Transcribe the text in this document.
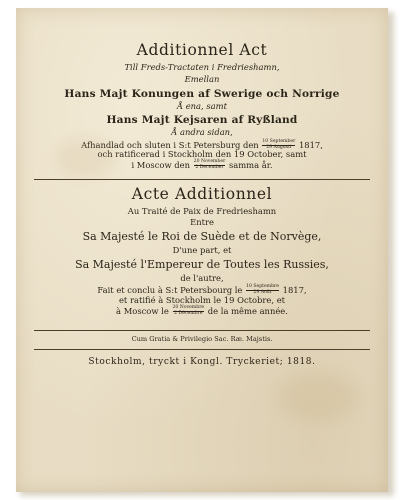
Additionnel Act
Till Freds-Tractaten i Fredrieshamn,
Emellan
Hans Majt Konungen af Swerige och Norrige
Å ena, samt
Hans Majt Kejsaren af Ryßland
Å andra sidan,
Afhandlad och sluten i S:t Petersburg den $\frac{\text{10 September}}{\text{29 Augusti}} 1817$,
och ratificerad i Stockholm den 19 October, samt
i Moscow den $\frac{\text{20 November}}{\text{2 December}}$ samma år.
Acte Additionnel
Au Traité de Paix de Fredrieshamn
Entre
Sa Majesté le Roi de Suède et de Norvège,
D'une part, et
Sa Majesté l'Empereur de Toutes les Russies,
de l'autre,
Fait et conclu à S:t Petersbourg le $\frac{\text{10 Septembre}}{\text{29 Août}} 1817$,
et ratifié à Stockholm le 19 Octobre, et
à Moscow le $\frac{\text{20 Novembre}}{\text{2 Décembre}}$ de la même année.
Cum Gratia & Privilegio Sac. Ræ. Majstis.
Stockholm, tryckt i Kongl. Tryckeriet; 1818.
